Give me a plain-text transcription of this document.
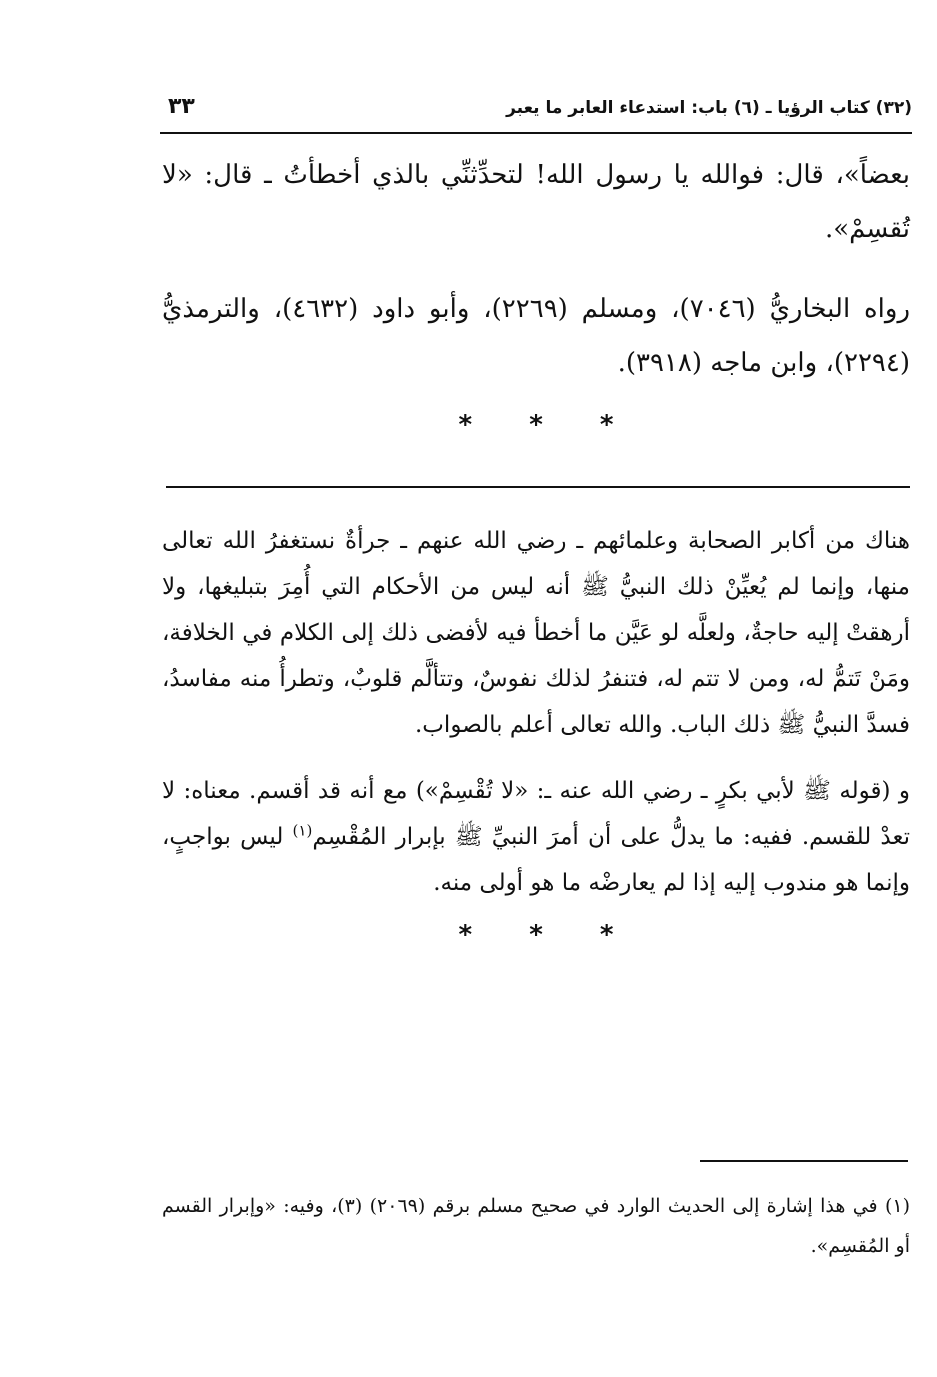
(٣٢) كتاب الرؤيا ـ (٦) باب: استدعاء العابر ما يعبر
٣٣

بعضاً»، قال: فوالله يا رسول الله! لتحدِّثنِّي بالذي أخطأتُ ـ قال: «لا تُقسِمْ».

رواه البخاريُّ (٧٠٤٦)، ومسلم (٢٢٦٩)، وأبو داود (٤٦٣٢)، والترمذيُّ (٢٢٩٤)، وابن ماجه (٣٩١٨).

* * *

هناك من أكابر الصحابة وعلمائهم ـ رضي الله عنهم ـ جرأةٌ نستغفرُ الله تعالى منها، وإنما لم يُعيِّنْ ذلك النبيُّ ﷺ أنه ليس من الأحكام التي أُمِرَ بتبليغها، ولا أرهقتْ إليه حاجةٌ، ولعلَّه لو عَيَّن ما أخطأ فيه لأفضى ذلك إلى الكلام في الخلافة، ومَنْ تَتمُّ له، ومن لا تتم له، فتنفرُ لذلك نفوسٌ، وتتألَّم قلوبٌ، وتطرأُ منه مفاسدُ، فسدَّ النبيُّ ﷺ ذلك الباب. والله تعالى أعلم بالصواب.

و (قوله ﷺ لأبي بكرٍ ـ رضي الله عنه ـ: «لا تُقْسِمْ») مع أنه قد أقسم. معناه: لا تعدْ للقسم. ففيه: ما يدلُّ على أن أمرَ النبيِّ ﷺ بإبرار المُقْسِم$^{(١)}$ ليس بواجبٍ، وإنما هو مندوب إليه إذا لم يعارضْه ما هو أولى منه.

* * *

(١) في هذا إشارة إلى الحديث الوارد في صحيح مسلم برقم (٢٠٦٩) (٣)، وفيه: «وإبرار القسم أو المُقسِم».
